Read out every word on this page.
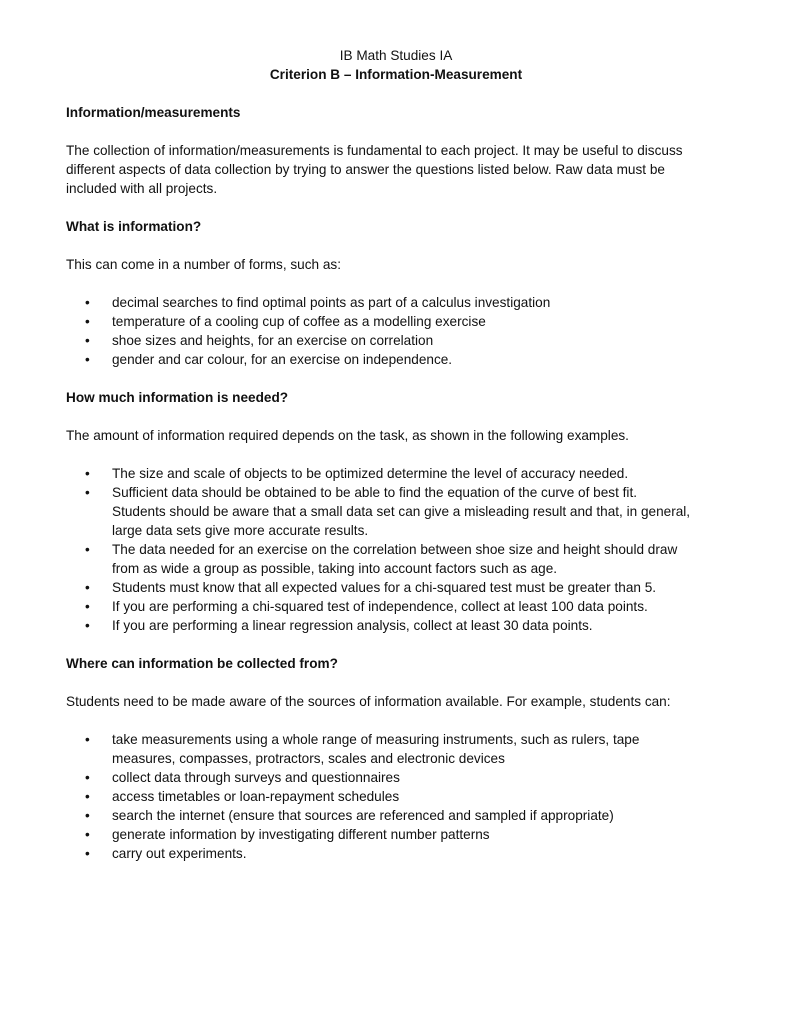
IB Math Studies IA

Criterion B – Information-Measurement

Information/measurements

The collection of information/measurements is fundamental to each project. It may be useful to discuss

different aspects of data collection by trying to answer the questions listed below. Raw data must be

included with all projects.

What is information?

This can come in a number of forms, such as:

• decimal searches to find optimal points as part of a calculus investigation
• temperature of a cooling cup of coffee as a modelling exercise
• shoe sizes and heights, for an exercise on correlation
• gender and car colour, for an exercise on independence.

How much information is needed?

The amount of information required depends on the task, as shown in the following examples.

• The size and scale of objects to be optimized determine the level of accuracy needed.
• Sufficient data should be obtained to be able to find the equation of the curve of best fit.
Students should be aware that a small data set can give a misleading result and that, in general,
large data sets give more accurate results.
• The data needed for an exercise on the correlation between shoe size and height should draw
from as wide a group as possible, taking into account factors such as age.
• Students must know that all expected values for a chi-squared test must be greater than 5.
• If you are performing a chi-squared test of independence, collect at least 100 data points.
• If you are performing a linear regression analysis, collect at least 30 data points.

Where can information be collected from?

Students need to be made aware of the sources of information available. For example, students can:

• take measurements using a whole range of measuring instruments, such as rulers, tape
measures, compasses, protractors, scales and electronic devices
• collect data through surveys and questionnaires
• access timetables or loan-repayment schedules
• search the internet (ensure that sources are referenced and sampled if appropriate)
• generate information by investigating different number patterns
• carry out experiments.
